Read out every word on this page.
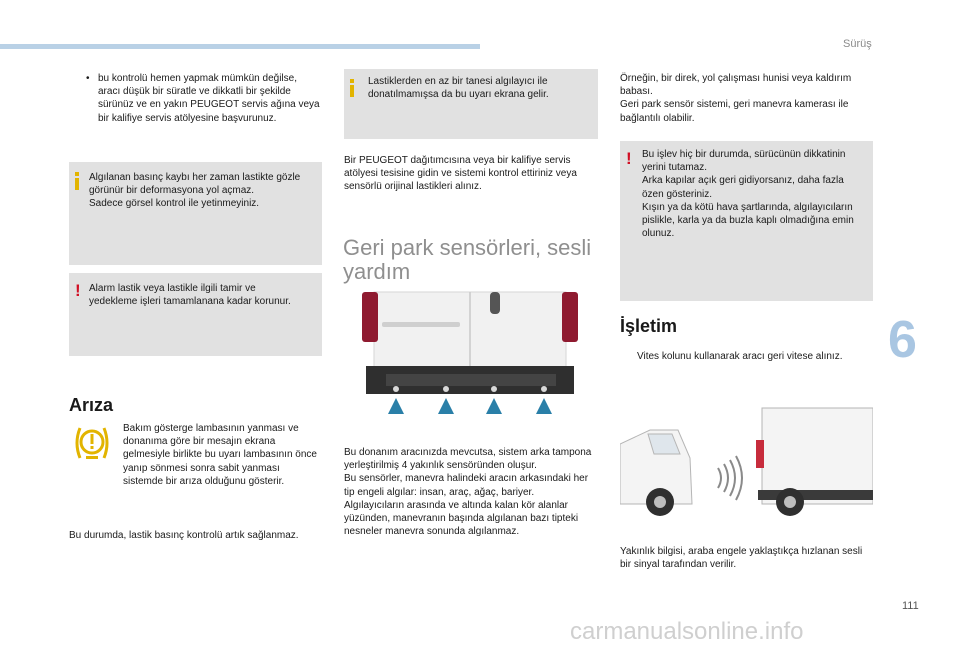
Sürüş
• bu kontrolü hemen yapmak mümkün değilse, aracı düşük bir süratle ve dikkatli bir şekilde sürünüz ve en yakın PEUGEOT servis ağına veya bir kalifiye servis atölyesine başvurunuz.
Algılanan basınç kaybı her zaman lastikte gözle görünür bir deformasyona yol açmaz.
Sadece görsel kontrol ile yetinmeyiniz.
! Alarm lastik veya lastikle ilgili tamir ve yedekleme işleri tamamlanana kadar korunur.
Arıza
Bakım gösterge lambasının yanması ve donanıma göre bir mesajın ekrana gelmesiyle birlikte bu uyarı lambasının önce yanıp sönmesi sonra sabit yanması sistemde bir arıza olduğunu gösterir.
Bu durumda, lastik basınç kontrolü artık sağlanmaz.
Lastiklerden en az bir tanesi algılayıcı ile donatılmamışsa da bu uyarı ekrana gelir.
Bir PEUGEOT dağıtımcısına veya bir kalifiye servis atölyesi tesisine gidin ve sistemi kontrol ettiriniz veya sensörlü orijinal lastikleri alınız.
Geri park sensörleri, sesli yardım
Bu donanım aracınızda mevcutsa, sistem arka tampona yerleştirilmiş 4 yakınlık sensöründen oluşur.
Bu sensörler, manevra halindeki aracın arkasındaki her tip engeli algılar: insan, araç, ağaç, bariyer.
Algılayıcıların arasında ve altında kalan kör alanlar yüzünden, manevranın başında algılanan bazı tipteki nesneler manevra sonunda algılanmaz.
Örneğin, bir direk, yol çalışması hunisi veya kaldırım babası.
Geri park sensör sistemi, geri manevra kamerası ile bağlantılı olabilir.
! Bu işlev hiç bir durumda, sürücünün dikkatinin yerini tutamaz.
Arka kapılar açık geri gidiyorsanız, daha fazla özen gösteriniz.
Kışın ya da kötü hava şartlarında, algılayıcıların pislikle, karla ya da buzla kaplı olmadığına emin olunuz.
İşletim
Vites kolunu kullanarak aracı geri vitese alınız.
Yakınlık bilgisi, araba engele yaklaştıkça hızlanan sesli bir sinyal tarafından verilir.
6
111
carmanualsonline.info
